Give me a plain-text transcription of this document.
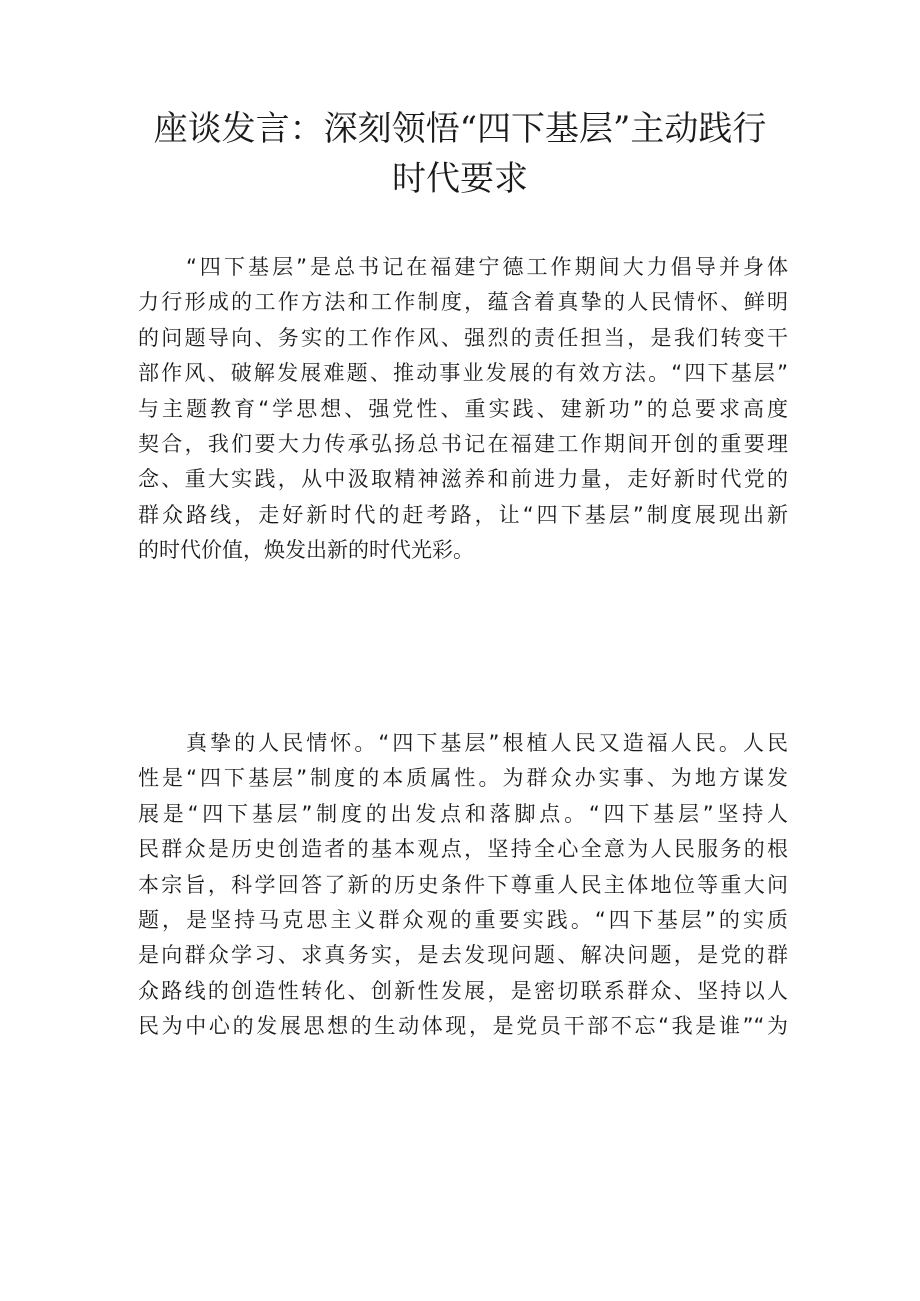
座谈发言：深刻领悟“四下基层”主动践行
时代要求
“四下基层”是总书记在福建宁德工作期间大力倡导并身体
力行形成的工作方法和工作制度，蕴含着真挚的人民情怀、鲜明
的问题导向、务实的工作作风、强烈的责任担当，是我们转变干
部作风、破解发展难题、推动事业发展的有效方法。“四下基层”
与主题教育“学思想、强党性、重实践、建新功”的总要求高度
契合，我们要大力传承弘扬总书记在福建工作期间开创的重要理
念、重大实践，从中汲取精神滋养和前进力量，走好新时代党的
群众路线，走好新时代的赶考路，让“四下基层”制度展现出新
的时代价值，焕发出新的时代光彩。
真挚的人民情怀。“四下基层”根植人民又造福人民。人民
性是“四下基层”制度的本质属性。为群众办实事、为地方谋发
展是“四下基层”制度的出发点和落脚点。“四下基层”坚持人
民群众是历史创造者的基本观点，坚持全心全意为人民服务的根
本宗旨，科学回答了新的历史条件下尊重人民主体地位等重大问
题，是坚持马克思主义群众观的重要实践。“四下基层”的实质
是向群众学习、求真务实，是去发现问题、解决问题，是党的群
众路线的创造性转化、创新性发展，是密切联系群众、坚持以人
民为中心的发展思想的生动体现，是党员干部不忘“我是谁”“为
